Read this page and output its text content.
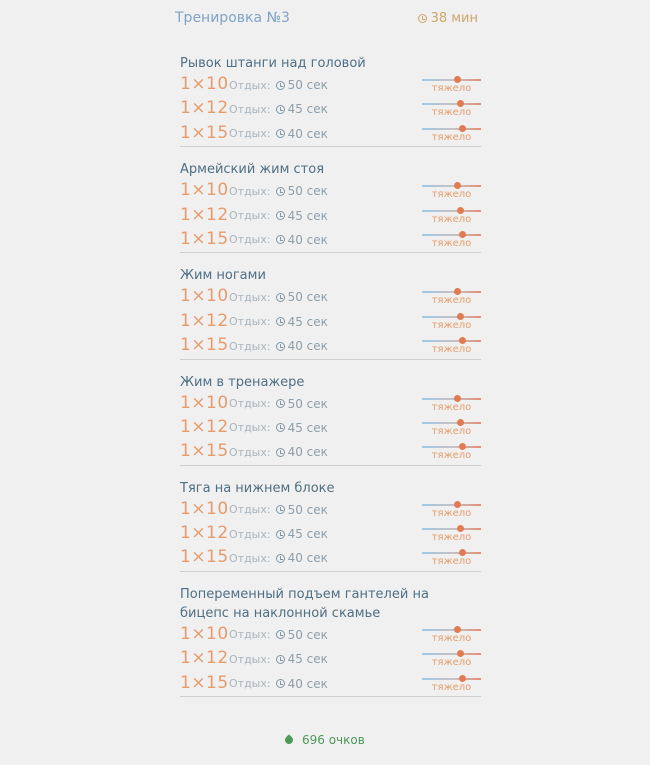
Тренировка №3	38 мин
Рывок штанги над головой
1×10 Отдых: 50 сек	тяжело
1×12 Отдых: 45 сек	тяжело
1×15 Отдых: 40 сек	тяжело
Армейский жим стоя
1×10 Отдых: 50 сек	тяжело
1×12 Отдых: 45 сек	тяжело
1×15 Отдых: 40 сек	тяжело
Жим ногами
1×10 Отдых: 50 сек	тяжело
1×12 Отдых: 45 сек	тяжело
1×15 Отдых: 40 сек	тяжело
Жим в тренажере
1×10 Отдых: 50 сек	тяжело
1×12 Отдых: 45 сек	тяжело
1×15 Отдых: 40 сек	тяжело
Тяга на нижнем блоке
1×10 Отдых: 50 сек	тяжело
1×12 Отдых: 45 сек	тяжело
1×15 Отдых: 40 сек	тяжело
Попеременный подъем гантелей на бицепс на наклонной скамье
1×10 Отдых: 50 сек	тяжело
1×12 Отдых: 45 сек	тяжело
1×15 Отдых: 40 сек	тяжело
696 очков
